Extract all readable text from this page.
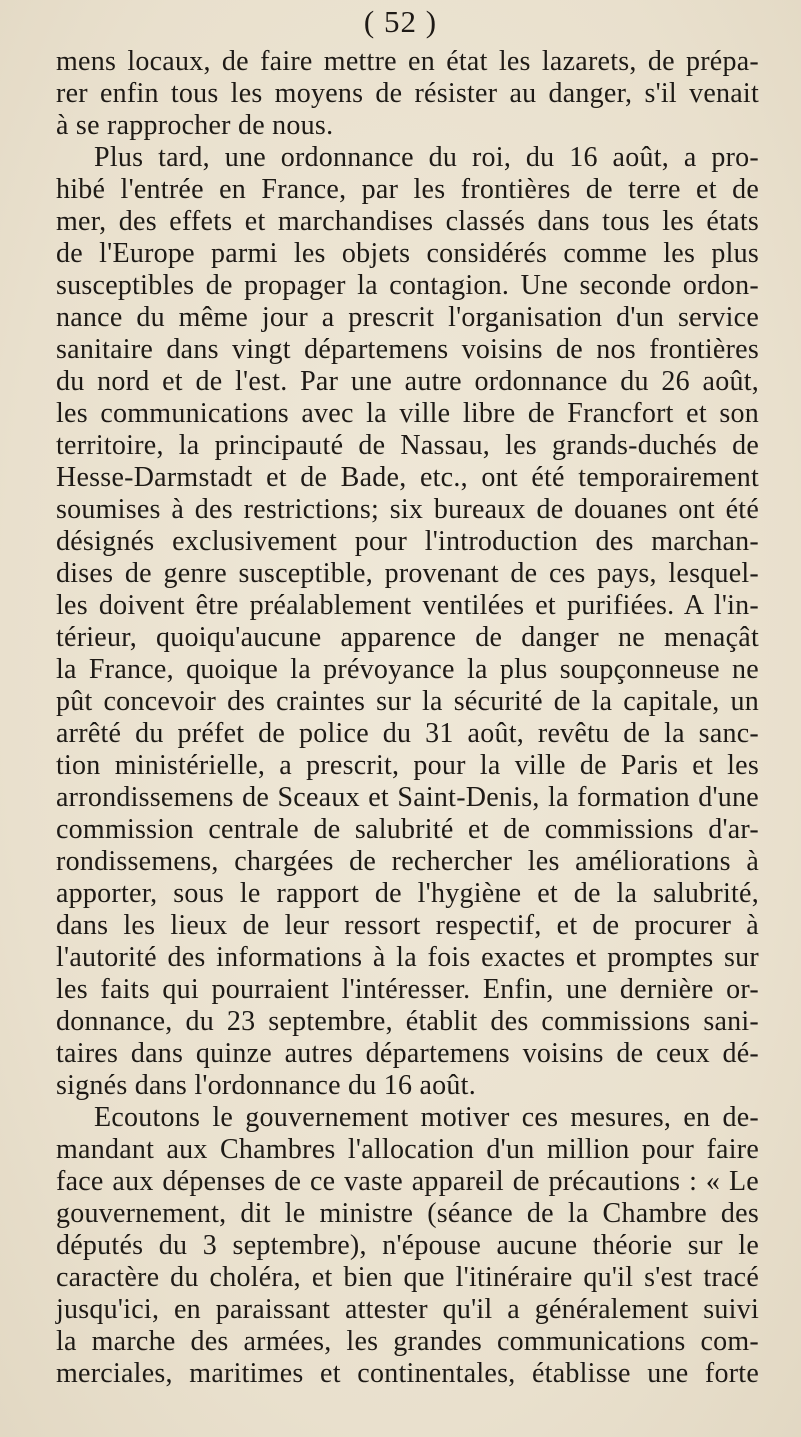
( 52 )
mens locaux, de faire mettre en état les lazarets, de prépa-
rer enfin tous les moyens de résister au danger, s'il venait
à se rapprocher de nous.
Plus tard, une ordonnance du roi, du 16 août, a pro-
hibé l'entrée en France, par les frontières de terre et de
mer, des effets et marchandises classés dans tous les états
de l'Europe parmi les objets considérés comme les plus
susceptibles de propager la contagion. Une seconde ordon-
nance du même jour a prescrit l'organisation d'un service
sanitaire dans vingt départemens voisins de nos frontières
du nord et de l'est. Par une autre ordonnance du 26 août,
les communications avec la ville libre de Francfort et son
territoire, la principauté de Nassau, les grands-duchés de
Hesse-Darmstadt et de Bade, etc., ont été temporairement
soumises à des restrictions; six bureaux de douanes ont été
désignés exclusivement pour l'introduction des marchan-
dises de genre susceptible, provenant de ces pays, lesquel-
les doivent être préalablement ventilées et purifiées. A l'in-
térieur, quoiqu'aucune apparence de danger ne menaçât
la France, quoique la prévoyance la plus soupçonneuse ne
pût concevoir des craintes sur la sécurité de la capitale, un
arrêté du préfet de police du 31 août, revêtu de la sanc-
tion ministérielle, a prescrit, pour la ville de Paris et les
arrondissemens de Sceaux et Saint-Denis, la formation d'une
commission centrale de salubrité et de commissions d'ar-
rondissemens, chargées de rechercher les améliorations à
apporter, sous le rapport de l'hygiène et de la salubrité,
dans les lieux de leur ressort respectif, et de procurer à
l'autorité des informations à la fois exactes et promptes sur
les faits qui pourraient l'intéresser. Enfin, une dernière or-
donnance, du 23 septembre, établit des commissions sani-
taires dans quinze autres départemens voisins de ceux dé-
signés dans l'ordonnance du 16 août.
Ecoutons le gouvernement motiver ces mesures, en de-
mandant aux Chambres l'allocation d'un million pour faire
face aux dépenses de ce vaste appareil de précautions : « Le
gouvernement, dit le ministre (séance de la Chambre des
députés du 3 septembre), n'épouse aucune théorie sur le
caractère du choléra, et bien que l'itinéraire qu'il s'est tracé
jusqu'ici, en paraissant attester qu'il a généralement suivi
la marche des armées, les grandes communications com-
merciales, maritimes et continentales, établisse une forte
